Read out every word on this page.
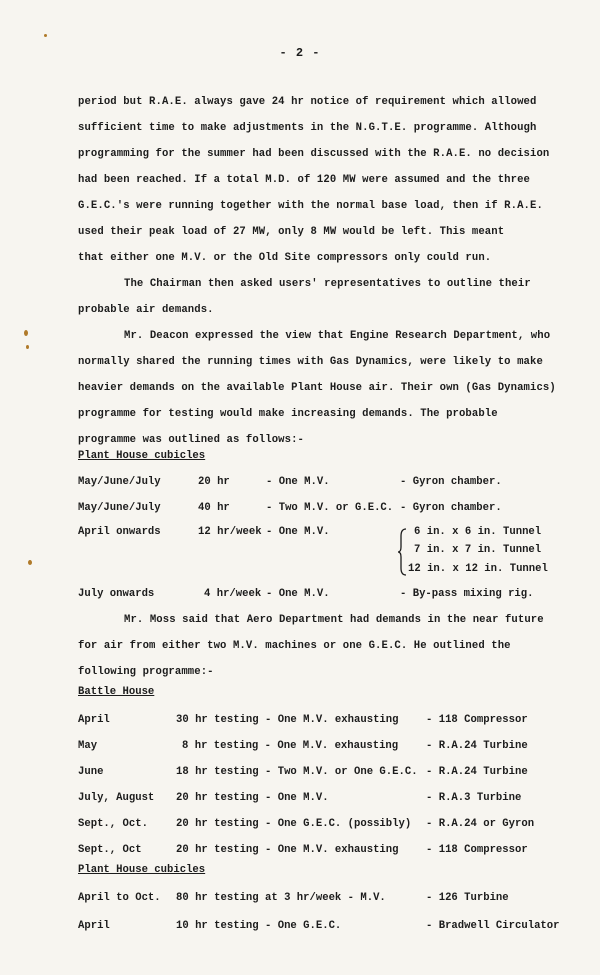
- 2 -
period but R.A.E. always gave 24 hr notice of requirement which allowed
sufficient time to make adjustments in the N.G.T.E. programme. Although
programming for the summer had been discussed with the R.A.E. no decision
had been reached. If a total M.D. of 120 MW were assumed and the three
G.E.C.'s were running together with the normal base load, then if R.A.E.
used their peak load of 27 MW, only 8 MW would be left. This meant
that either one M.V. or the Old Site compressors only could run.
The Chairman then asked users' representatives to outline their
probable air demands.
Mr. Deacon expressed the view that Engine Research Department, who
normally shared the running times with Gas Dynamics, were likely to make
heavier demands on the available Plant House air. Their own (Gas Dynamics)
programme for testing would make increasing demands. The probable
programme was outlined as follows:-
Plant House cubicles
May/June/July	20 hr	- One M.V.	- Gyron chamber.
May/June/July	40 hr	- Two M.V. or G.E.C. - Gyron chamber.
April onwards	12 hr/week - One M.V.	6 in. x 6 in. Tunnel
7 in. x 7 in. Tunnel
12 in. x 12 in. Tunnel
July onwards	4 hr/week - One M.V.	- By-pass mixing rig.
Mr. Moss said that Aero Department had demands in the near future
for air from either two M.V. machines or one G.E.C. He outlined the
following programme:-
Battle House
April	30 hr testing - One M.V. exhausting	- 118 Compressor
May	8 hr testing - One M.V. exhausting	- R.A.24 Turbine
June	18 hr testing - Two M.V. or One G.E.C. - R.A.24 Turbine
July, August 20 hr testing - One M.V.	- R.A.3 Turbine
Sept., Oct.	20 hr testing - One G.E.C. (possibly) - R.A.24 or Gyron
Sept., Oct	20 hr testing - One M.V. exhausting	- 118 Compressor
Plant House cubicles
April to Oct. 80 hr testing at 3 hr/week - M.V.	- 126 Turbine
April	10 hr testing - One G.E.C.	- Bradwell Circulator
